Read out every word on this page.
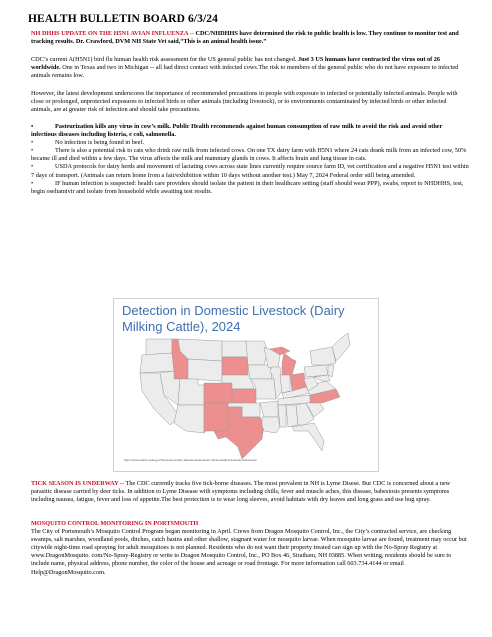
HEALTH BULLETIN BOARD 6/3/24
NH DHHS UPDATE ON THE H5N1 AVIAN INFLUENZA -- CDC/NHDHHS have determined the risk to public health is low. They continue to monitor test and tracking results. Dr. Crawford, DVM NH State Vet said,“This is an animal health issue.”
CDC’s current A(H5N1) bird flu human health risk assessment for the US general public has not changed. Just 3 US humans have contracted the virus out of 26 worldwide. One in Texas and two in Michigan -- all had direct contact with infected cows.The risk to members of the general public who do not have exposure to infected animals remains low.
However, the latest development underscores the importance of recommended precautions in people with exposure to infected or potentially infected animals. People with close or prolonged, unprotected exposures to infected birds or other animals (including livestock), or to environments contaminated by infected birds or other infected animals, are at greater risk of infection and should take precautions.
•	Pasteurization kills any virus in cow’s milk. Public Health recommends against human consumption of raw milk to avoid the risk and avoid other infectious diseases including listeria, e coli, salmonella.
•	No infection is being found in beef.
•	There is also a potential risk to cats who drink raw milk from infected cows. On one TX dairy farm with H5N1 where 24 cats drank milk from an infected cow, 50% became ill and died within a few days. The virus affects the milk and mammary glands in cows. It affects brain and lung tissue in cats.
•	USDA protocols for dairy herds and movement of lactating cows across state lines currently require source farm ID, vet certification and a negative H5N1 test within 7 days of transport. (Animals can return home from a fair/exhibition within 10 days without another test.) May 7, 2024 Federal order still being amended.
•	IF human infection is suspected: health care providers should isolate the patient in their healthcare setting (staff should wear PPP), swabs, report to NHDHHS, test, begin oseltamivir and isolate from household while awaiting test results.
Detection in Domestic Livestock (Dairy Milking Cattle), 2024
https://www.aphis.usda.gov/livestock-poultry-disease/avian/avian-influenza/hpai-detections/livestock
TICK SEASON IS UNDERWAY -- The CDC currently tracks five tick-borne diseases. The most prevalent in NH is Lyme Disese. But CDC is concerned about a new parasitic disease carried by deer ticks. In addition to Lyme Disease with symptoms including chills, fever and muscle aches, this disease, babesiosis presents symptoms including nausea, fatigue, fever and loss of appetite.The best protection is to wear long sleeves, avoid habitats with dry leaves and long grass and use bug spray.
MOSQUITO CONTROL MONITORING IN PORTSMOUTH
The City of Portsmouth’s Mosquito Control Program began monitoring in April. Crews from Dragon Mosquito Control, Inc., the City’s contracted service, are checking swamps, salt marshes, woodland pools, ditches, catch basins and other shallow, stagnant water for mosquito larvae. When mosquito larvae are found, treatment may occur but citywide night-time road spraying for adult mosquitoes is not planned. Residents who do not want their property treated can sign up with the No-Spray Registry at www.DragonMosquito. com/No-Spray-Registry or write to Dragon Mosquito Control, Inc., PO Box 46, Stratham, NH 03885. When writing, residents should be sure to include name, physical address, phone number, the color of the house and acreage or road frontage. For more information call 603.734.4144 or email Help@DragonMosquito.com.
